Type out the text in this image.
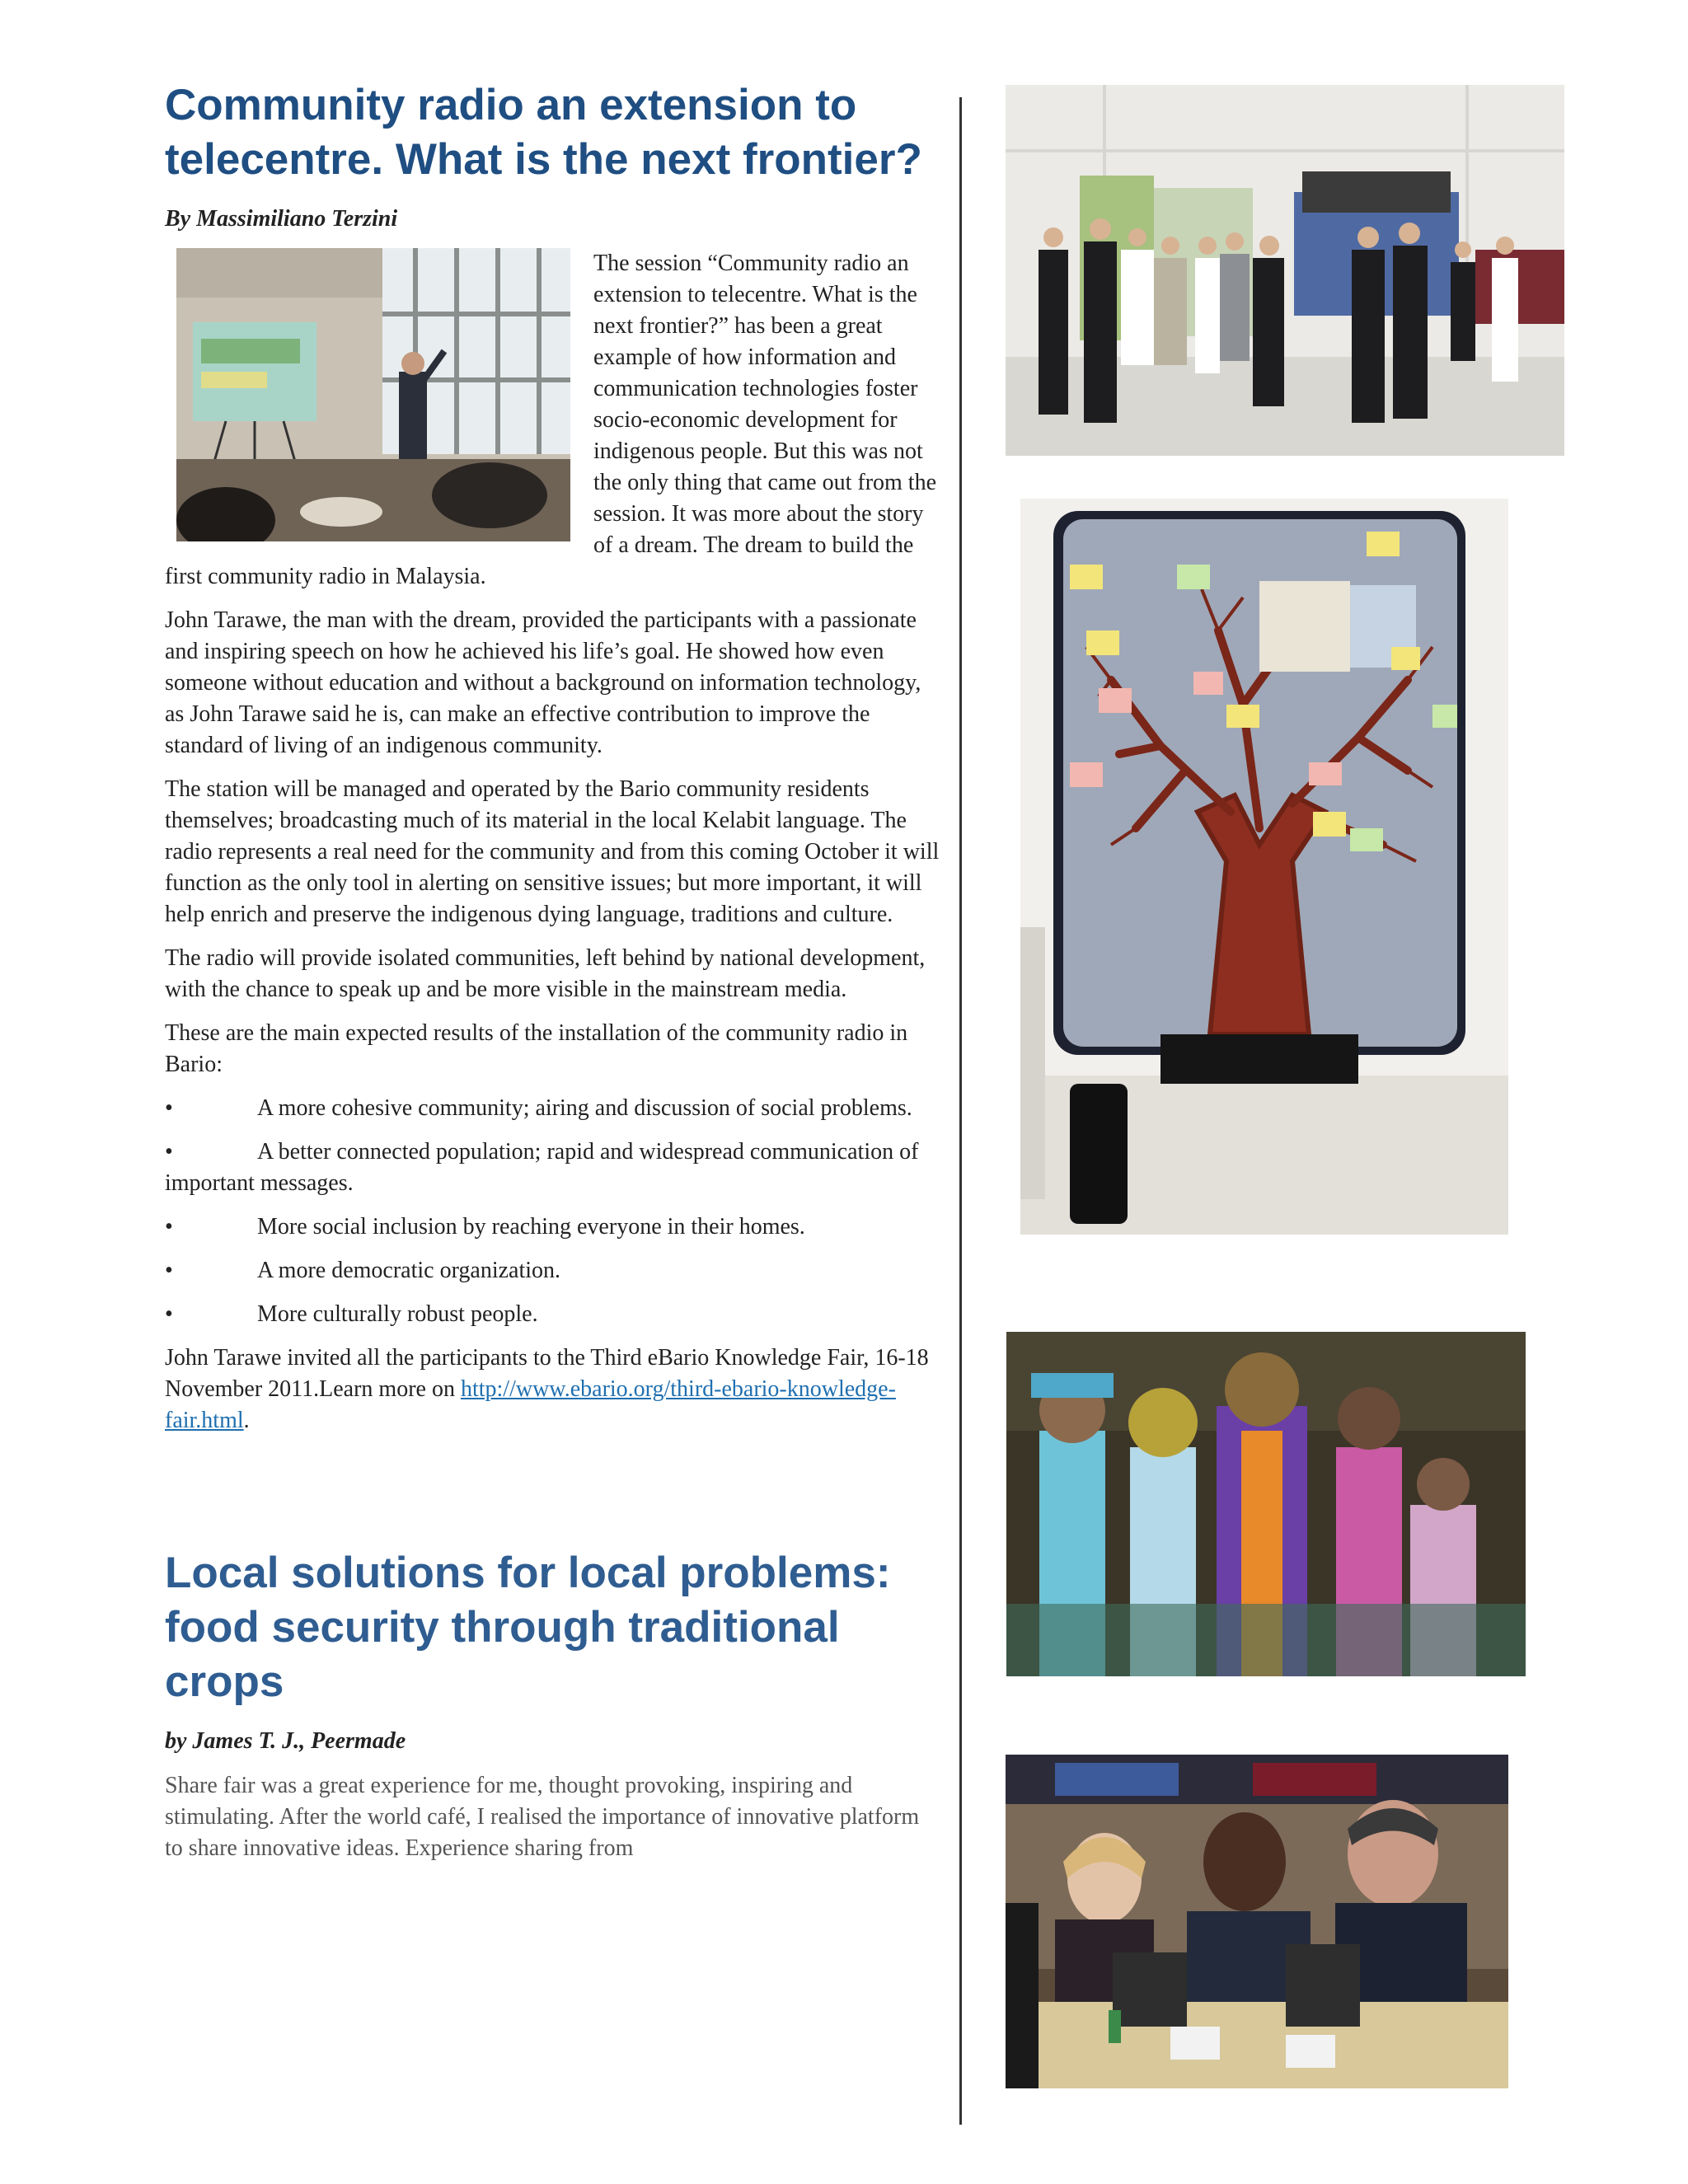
Community radio an extension to telecentre. What is the next frontier?
By Massimiliano Terzini

The session “Community radio an extension to telecentre. What is the next frontier?” has been a great example of how information and communication technologies foster socio-economic development for indigenous people. But this was not the only thing that came out from the session. It was more about the story of a dream. The dream to build the first community radio in Malaysia.

John Tarawe, the man with the dream, provided the participants with a passionate and inspiring speech on how he achieved his life’s goal. He showed how even someone without education and without a background on information technology, as John Tarawe said he is, can make an effective contribution to improve the standard of living of an indigenous community.

The station will be managed and operated by the Bario community residents themselves; broadcasting much of its material in the local Kelabit language. The radio represents a real need for the community and from this coming October it will function as the only tool in alerting on sensitive issues; but more important, it will help enrich and preserve the indigenous dying language, traditions and culture.

The radio will provide isolated communities, left behind by national development, with the chance to speak up and be more visible in the mainstream media.

These are the main expected results of the installation of the community radio in Bario:

•	A more cohesive community; airing and discussion of social problems.
•	A better connected population; rapid and widespread communication of important messages.
•	More social inclusion by reaching everyone in their homes.
•	A more democratic organization.
•	More culturally robust people.

John Tarawe invited all the participants to the Third eBario Knowledge Fair, 16-18 November 2011.Learn more on http://www.ebario.org/third-ebario-knowledge-fair.html.

Local solutions for local problems: food security through traditional crops
by James T. J., Peermade

Share fair was a great experience for me, thought provoking, inspiring and stimulating. After the world café, I realised the importance of innovative platform to share innovative ideas. Experience sharing from
